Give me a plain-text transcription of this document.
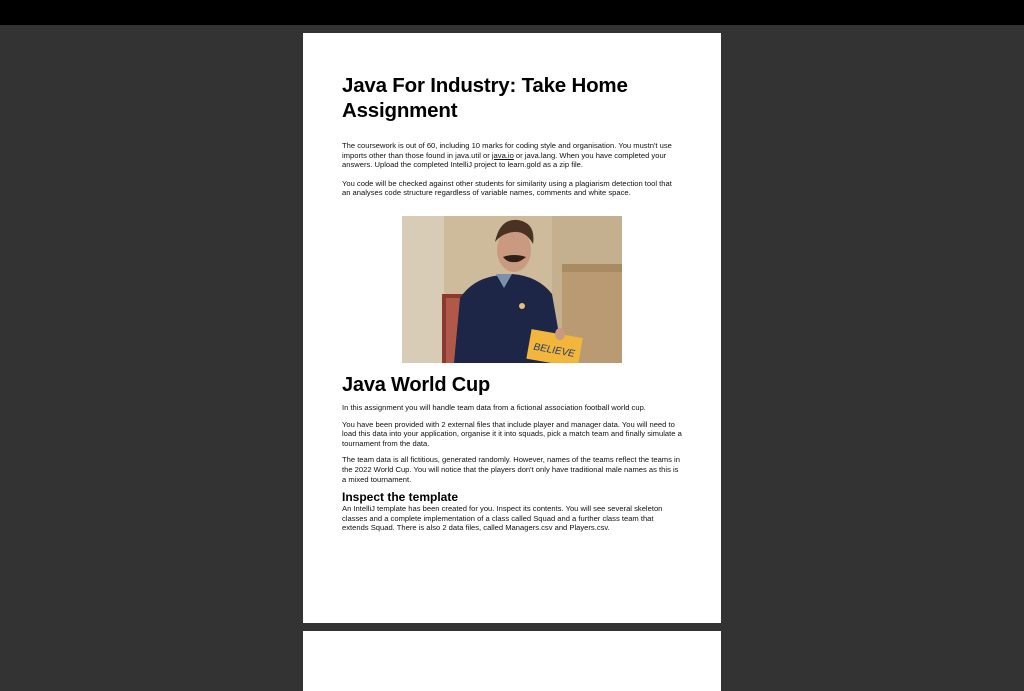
Java For Industry: Take Home Assignment

The coursework is out of 60, including 10 marks for coding style and organisation. You mustn't use imports other than those found in java.util or java.io or java.lang. When you have completed your answers. Upload the completed IntelliJ project to learn.gold as a zip file.

You code will be checked against other students for similarity using a plagiarism detection tool that an analyses code structure regardless of variable names, comments and white space.

BELIEVE
Java World Cup

In this assignment you will handle team data from a fictional association football world cup.

You have been provided with 2 external files that include player and manager data. You will need to load this data into your application, organise it it into squads, pick a match team and finally simulate a tournament from the data.

The team data is all fictitious, generated randomly. However, names of the teams reflect the teams in the 2022 World Cup. You will notice that the players don't only have traditional male names as this is a mixed tournament.

Inspect the template

An IntelliJ template has been created for you. Inspect its contents. You will see several skeleton classes and a complete implementation of a class called Squad and a further class team that extends Squad. There is also 2 data files, called Managers.csv and Players.csv.
